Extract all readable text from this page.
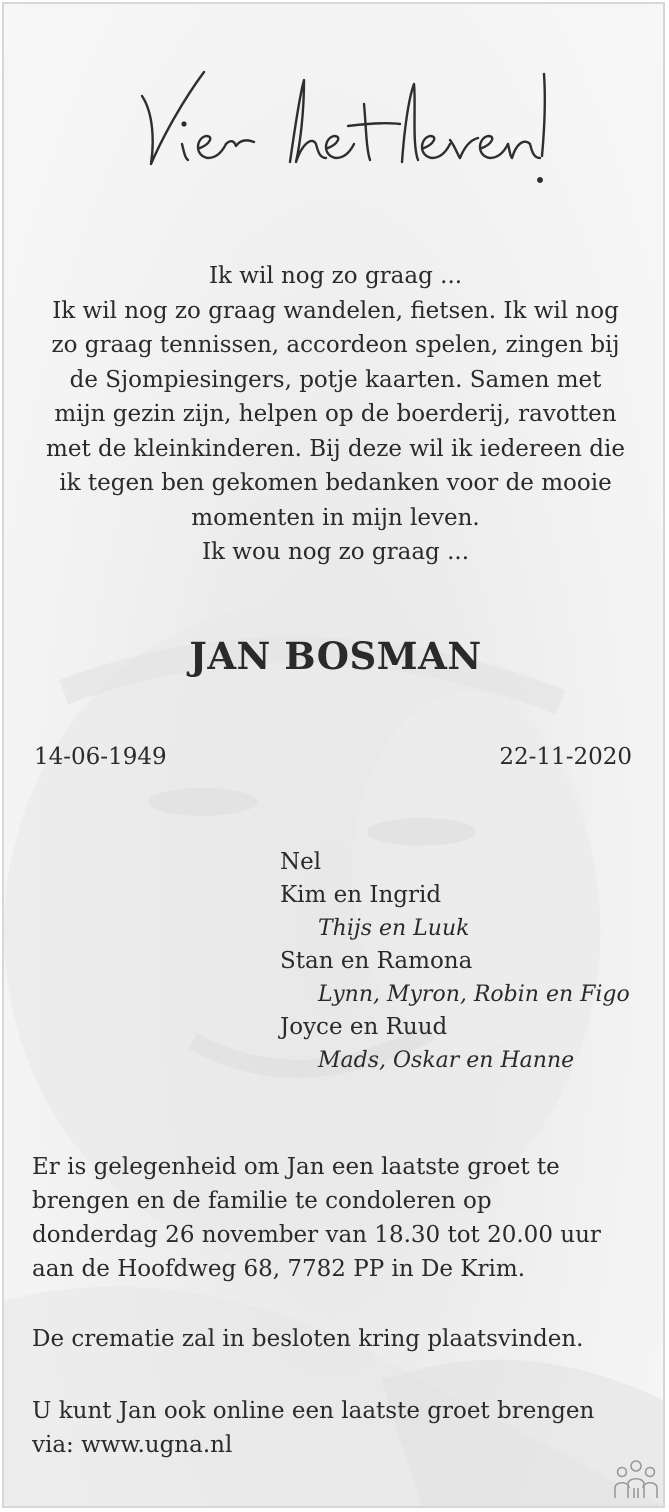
Ik wil nog zo graag ...
Ik wil nog zo graag wandelen, fietsen. Ik wil nog
zo graag tennissen, accordeon spelen, zingen bij
de Sjompiesingers, potje kaarten. Samen met
mijn gezin zijn, helpen op de boerderij, ravotten
met de kleinkinderen. Bij deze wil ik iedereen die
ik tegen ben gekomen bedanken voor de mooie
momenten in mijn leven.
Ik wou nog zo graag ...
JAN BOSMAN
14-06-1949	22-11-2020
Nel
Kim en Ingrid
Thijs en Luuk
Stan en Ramona
Lynn, Myron, Robin en Figo
Joyce en Ruud
Mads, Oskar en Hanne
Er is gelegenheid om Jan een laatste groet te
brengen en de familie te condoleren op
donderdag 26 november van 18.30 tot 20.00 uur
aan de Hoofdweg 68, 7782 PP in De Krim.
De crematie zal in besloten kring plaatsvinden.
U kunt Jan ook online een laatste groet brengen
via: www.ugna.nl
